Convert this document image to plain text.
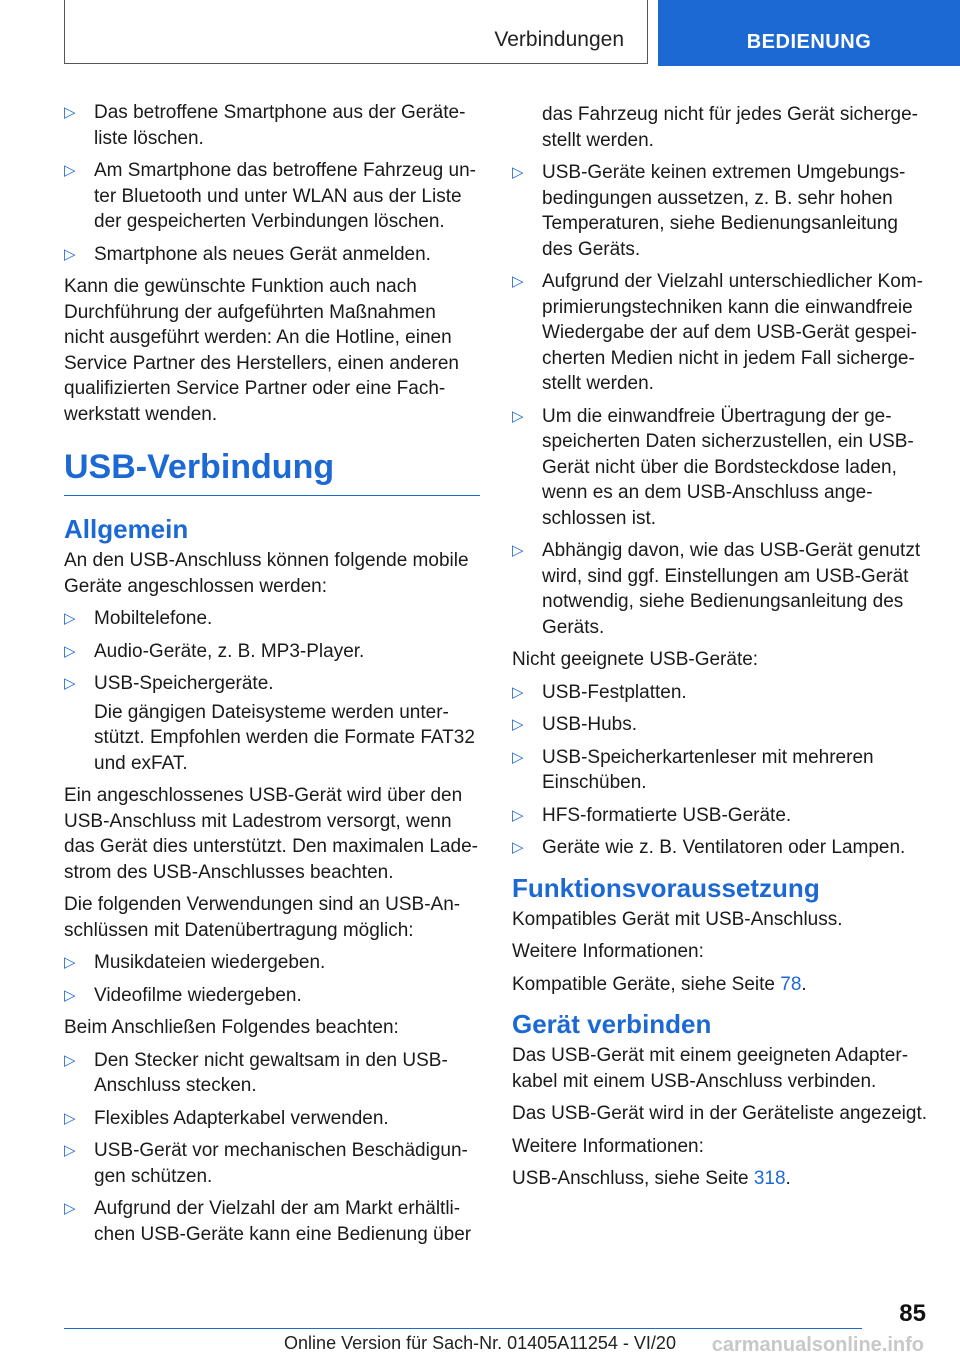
Verbindungen	BEDIENUNG
▷ Das betroffene Smartphone aus der Geräteliste löschen.
▷ Am Smartphone das betroffene Fahrzeug unter Bluetooth und unter WLAN aus der Liste der gespeicherten Verbindungen löschen.
▷ Smartphone als neues Gerät anmelden.

Kann die gewünschte Funktion auch nach Durchführung der aufgeführten Maßnahmen nicht ausgeführt werden: An die Hotline, einen Service Partner des Herstellers, einen anderen qualifizierten Service Partner oder eine Fachwerkstatt wenden.

USB-Verbindung
Allgemein

An den USB-Anschluss können folgende mobile Geräte angeschlossen werden:

▷ Mobiltelefone.
▷ Audio-Geräte, z. B. MP3-Player.
▷ USB-Speichergeräte.

Die gängigen Dateisysteme werden unterstützt. Empfohlen werden die Formate FAT32 und exFAT.

Ein angeschlossenes USB-Gerät wird über den USB-Anschluss mit Ladestrom versorgt, wenn das Gerät dies unterstützt. Den maximalen Ladestrom des USB-Anschlusses beachten.

Die folgenden Verwendungen sind an USB-Anschlüssen mit Datenübertragung möglich:

▷ Musikdateien wiedergeben.
▷ Videofilme wiedergeben.

Beim Anschließen Folgendes beachten:

▷ Den Stecker nicht gewaltsam in den USB-Anschluss stecken.
▷ Flexibles Adapterkabel verwenden.
▷ USB-Gerät vor mechanischen Beschädigungen schützen.
▷ Aufgrund der Vielzahl der am Markt erhältlichen USB-Geräte kann eine Bedienung über

das Fahrzeug nicht für jedes Gerät sichergestellt werden.

▷ USB-Geräte keinen extremen Umgebungsbedingungen aussetzen, z. B. sehr hohen Temperaturen, siehe Bedienungsanleitung des Geräts.
▷ Aufgrund der Vielzahl unterschiedlicher Komprimierungstechniken kann die einwandfreie Wiedergabe der auf dem USB-Gerät gespeicherten Medien nicht in jedem Fall sichergestellt werden.
▷ Um die einwandfreie Übertragung der gespeicherten Daten sicherzustellen, ein USB-Gerät nicht über die Bordsteckdose laden, wenn es an dem USB-Anschluss angeschlossen ist.
▷ Abhängig davon, wie das USB-Gerät genutzt wird, sind ggf. Einstellungen am USB-Gerät notwendig, siehe Bedienungsanleitung des Geräts.

Nicht geeignete USB-Geräte:

▷ USB-Festplatten.
▷ USB-Hubs.
▷ USB-Speicherkartenleser mit mehreren Einschüben.
▷ HFS-formatierte USB-Geräte.
▷ Geräte wie z. B. Ventilatoren oder Lampen.
Funktionsvoraussetzung

Kompatibles Gerät mit USB-Anschluss.

Weitere Informationen:

Kompatible Geräte, siehe Seite 78.

Gerät verbinden

Das USB-Gerät mit einem geeigneten Adapterkabel mit einem USB-Anschluss verbinden.

Das USB-Gerät wird in der Geräteliste angezeigt.

Weitere Informationen:

USB-Anschluss, siehe Seite 318.

85
Online Version für Sach-Nr. 01405A11254 - VI/20	carmanualsonline.info
